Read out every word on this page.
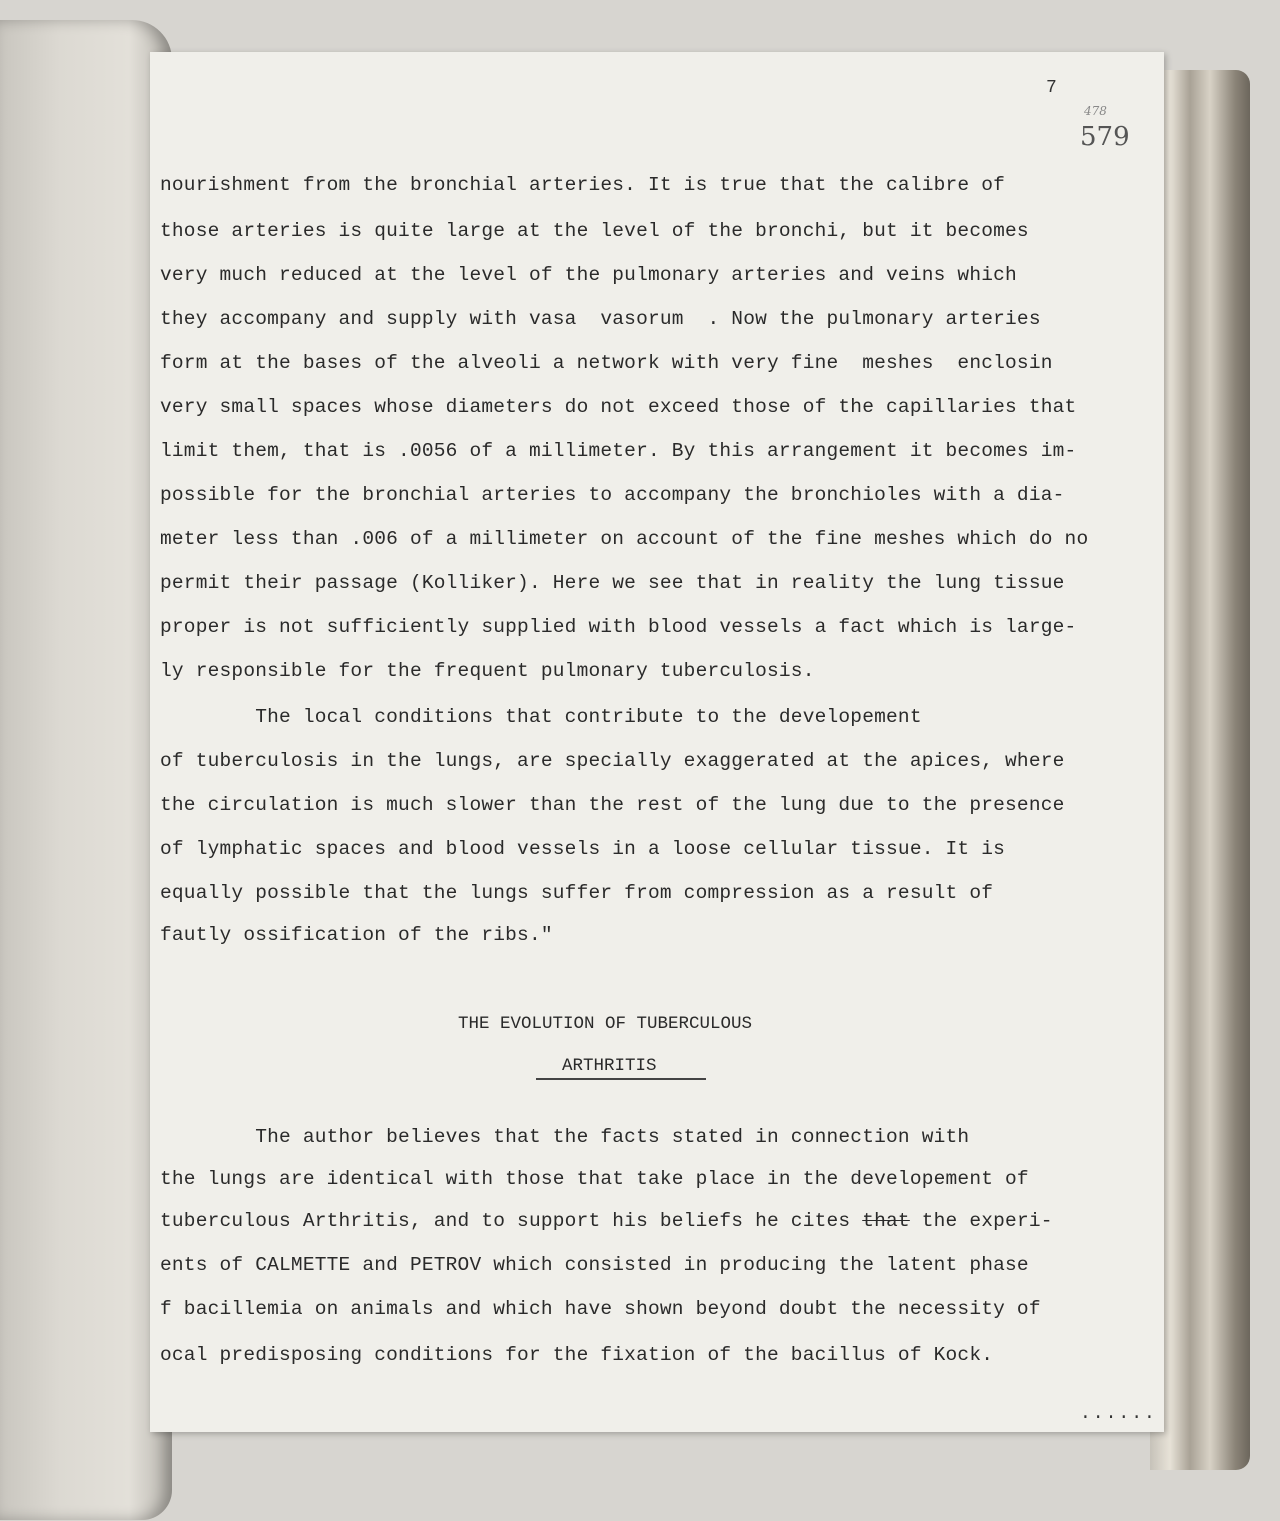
7
478
579
nourishment from the bronchial arteries. It is true that the calibre of
those arteries is quite large at the level of the bronchi, but it becomes
very much reduced at the level of the pulmonary arteries and veins which
they accompany and supply with vasa  vasorum  . Now the pulmonary arteries
form at the bases of the alveoli a network with very fine  meshes  enclosin
very small spaces whose diameters do not exceed those of the capillaries that
limit them, that is .0056 of a millimeter. By this arrangement it becomes im-
possible for the bronchial arteries to accompany the bronchioles with a dia-
meter less than .006 of a millimeter on account of the fine meshes which do no
permit their passage (Kolliker). Here we see that in reality the lung tissue
proper is not sufficiently supplied with blood vessels a fact which is large-
ly responsible for the frequent pulmonary tuberculosis.
The local conditions that contribute to the developement
of tuberculosis in the lungs, are specially exaggerated at the apices, where
the circulation is much slower than the rest of the lung due to the presence
of lymphatic spaces and blood vessels in a loose cellular tissue. It is
equally possible that the lungs suffer from compression as a result of
fautly ossification of the ribs."
THE EVOLUTION OF TUBERCULOUS
ARTHRITIS
The author believes that the facts stated in connection with
the lungs are identical with those that take place in the developement of
tuberculous Arthritis, and to support his beliefs he cites that the experi-
ents of CALMETTE and PETROV which consisted in producing the latent phase
f bacillemia on animals and which have shown beyond doubt the necessity of
ocal predisposing conditions for the fixation of the bacillus of Kock.
......
